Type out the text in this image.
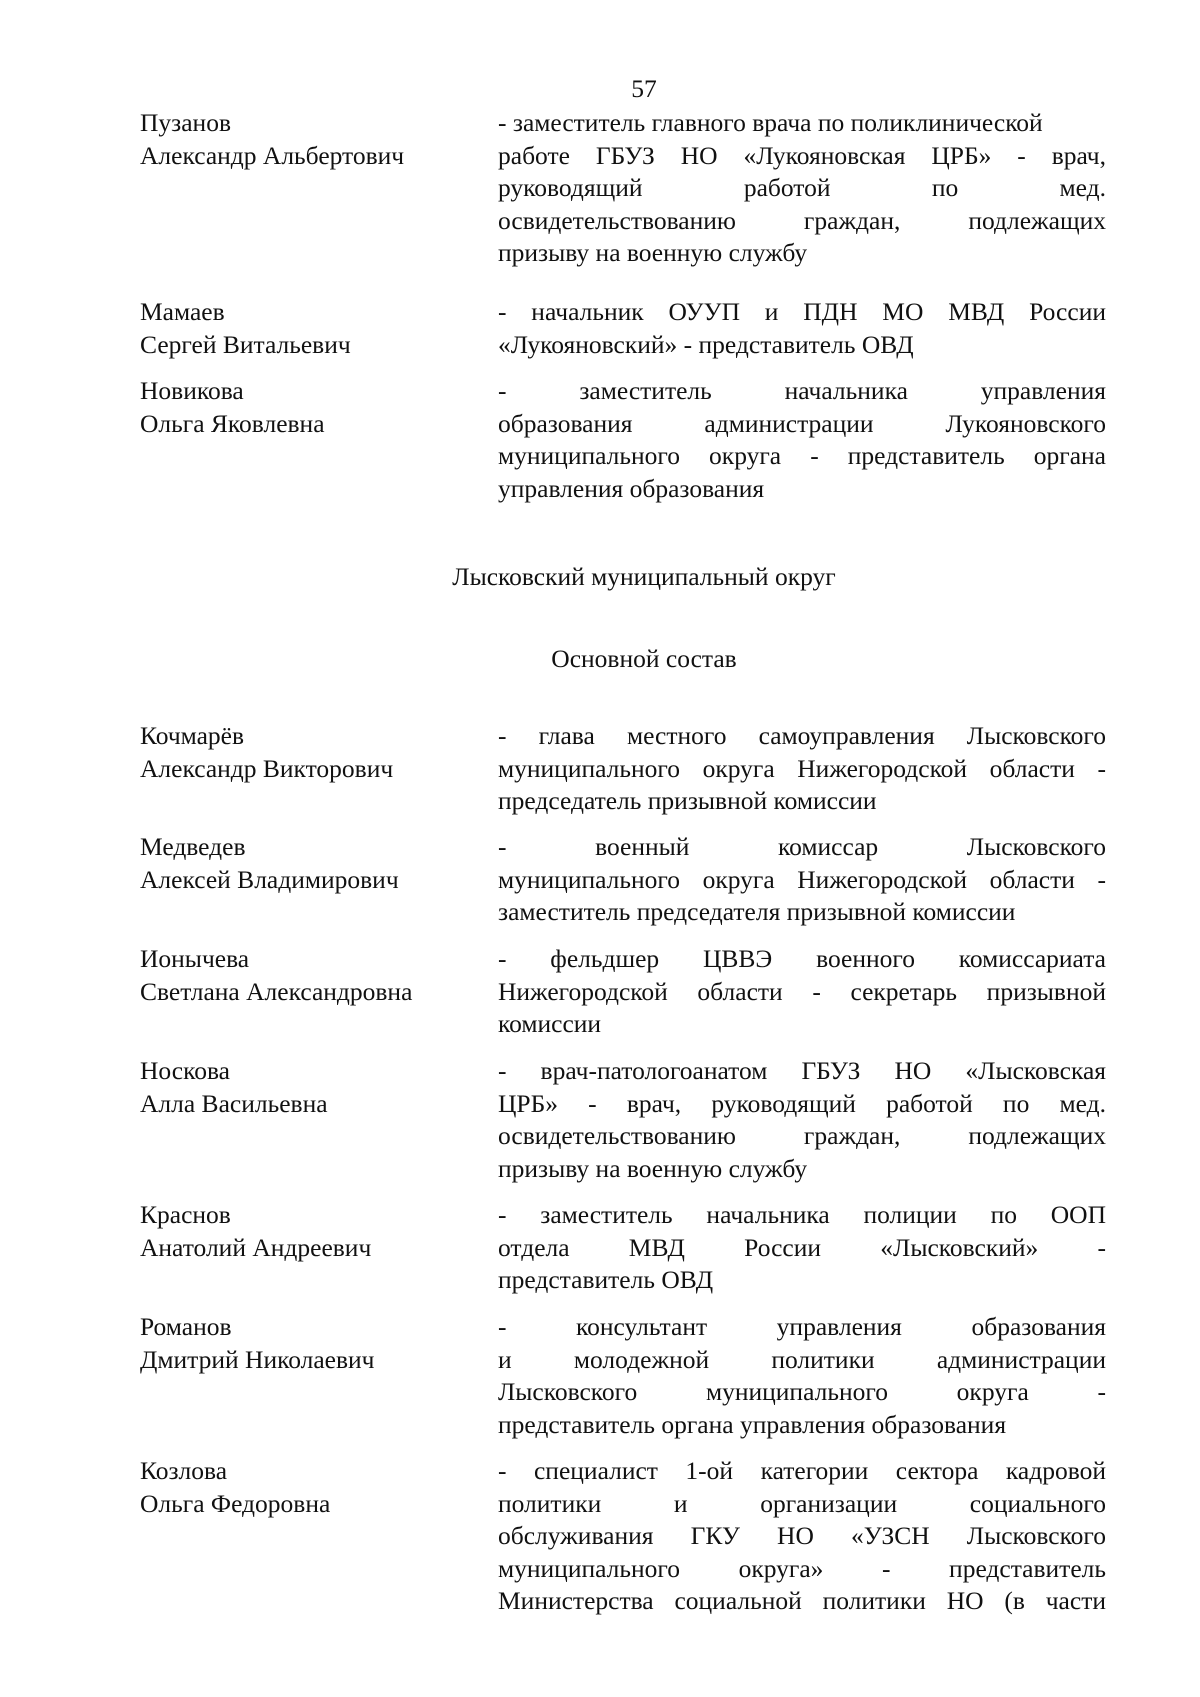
57
Пузанов
Александр Альбертович
- заместитель главного врача по поликлинической
работе ГБУЗ НО «Лукояновская ЦРБ» - врач,
руководящий работой по мед.
освидетельствованию граждан, подлежащих
призыву на военную службу
Мамаев
Сергей Витальевич
- начальник ОУУП и ПДН МО МВД России
«Лукояновский» - представитель ОВД
Новикова
Ольга Яковлевна
- заместитель начальника управления
образования администрации Лукояновского
муниципального округа - представитель органа
управления образования
Лысковский муниципальный округ
Основной состав
Кочмарёв
Александр Викторович
- глава местного самоуправления Лысковского
муниципального округа Нижегородской области -
председатель призывной комиссии
Медведев
Алексей Владимирович
- военный комиссар Лысковского
муниципального округа Нижегородской области -
заместитель председателя призывной комиссии
Ионычева
Светлана Александровна
- фельдшер ЦВВЭ военного комиссариата
Нижегородской области - секретарь призывной
комиссии
Носкова
Алла Васильевна
- врач-патологоанатом ГБУЗ НО «Лысковская
ЦРБ» - врач, руководящий работой по мед.
освидетельствованию граждан, подлежащих
призыву на военную службу
Краснов
Анатолий Андреевич
- заместитель начальника полиции по ООП
отдела МВД России «Лысковский» -
представитель ОВД
Романов
Дмитрий Николаевич
- консультант управления образования
и молодежной политики администрации
Лысковского муниципального округа -
представитель органа управления образования
Козлова
Ольга Федоровна
- специалист 1-ой категории сектора кадровой
политики и организации социального
обслуживания ГКУ НО «УЗСН Лысковского
муниципального округа» - представитель
Министерства социальной политики НО (в части
